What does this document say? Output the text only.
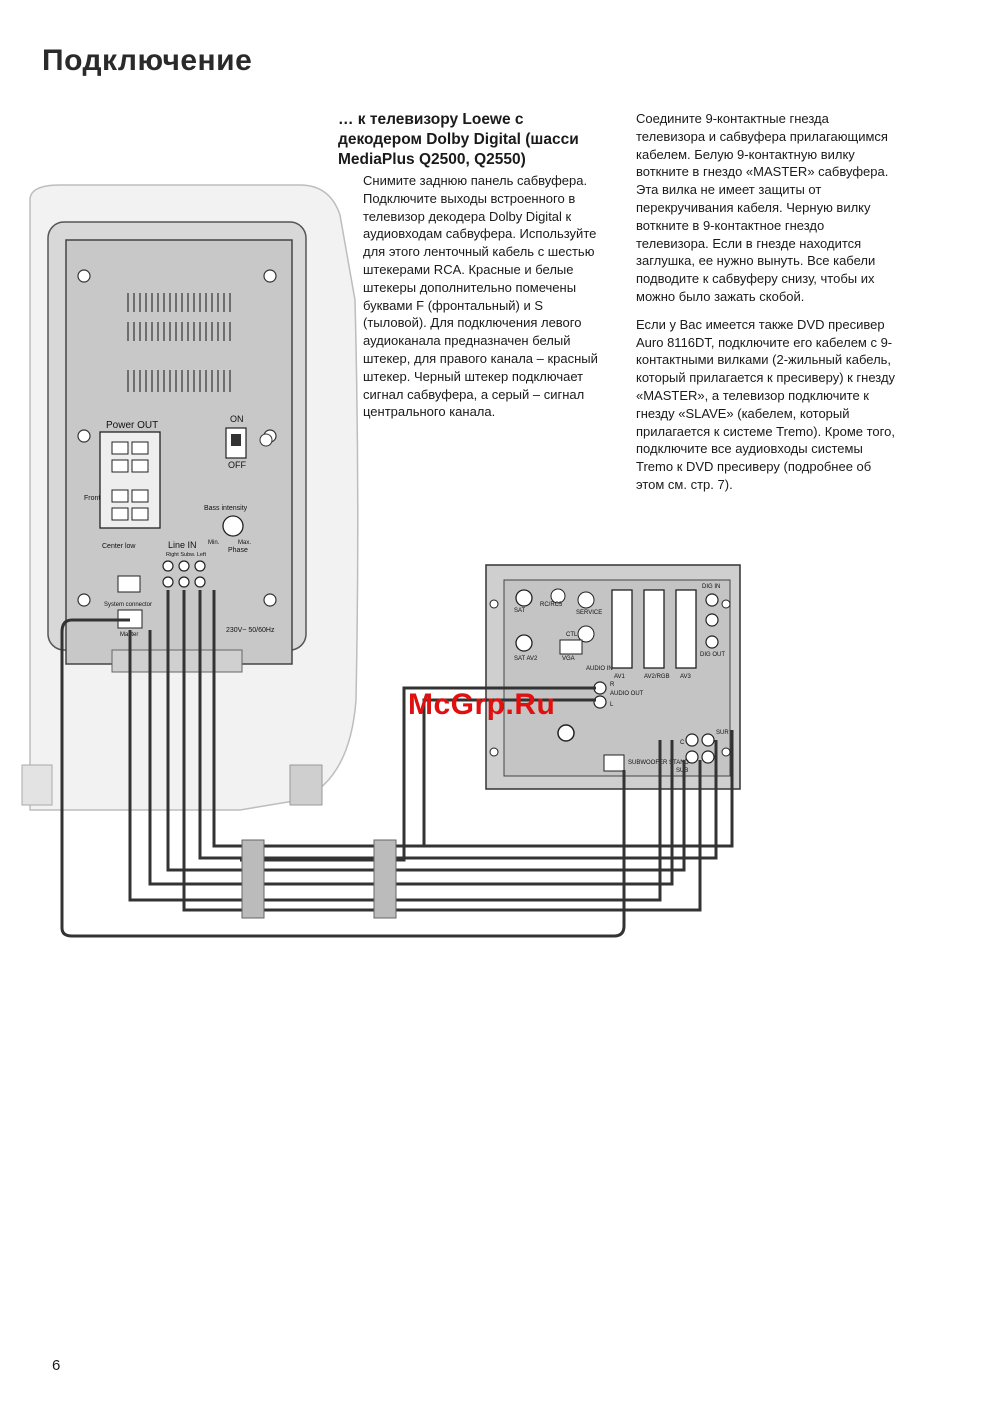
Подключение
… к телевизору Loewe с декодером Dolby Digital (шасси MediaPlus Q2500, Q2550)

Снимите заднюю панель сабвуфера. Подключите выходы встроенного в телевизор декодера Dolby Digital к аудиовходам сабвуфера. Используйте для этого ленточный кабель с шестью штекерами RCA. Красные и белые штекеры дополнительно помечены буквами F (фронтальный) и S (тыловой). Для подключения левого аудиоканала предназначен белый штекер, для правого канала – красный штекер. Черный штекер подключает сигнал сабвуфера, а серый – сигнал центрального канала.

Соедините 9-контактные гнезда телевизора и сабвуфера прилагающимся кабелем. Белую 9-контактную вилку воткните в гнездо «MASTER» сабвуфера. Эта вилка не имеет защиты от перекручивания кабеля. Черную вилку воткните в 9-контактное гнездо телевизора. Если в гнезде находится заглушка, ее нужно вынуть. Все кабели подводите к сабвуферу снизу, чтобы их можно было зажать скобой.

Если у Вас имеется также DVD пресивер Auro 8116DT, подключите его кабелем с 9-контактными вилками (2-жильный кабель, который прилагается к пресиверу) к гнезду «MASTER», а телевизор подключите к гнезду «SLAVE» (кабелем, который прилагается к системе Tremo). Кроме того, подключите все аудиовходы системы Tremo к DVD пресиверу (подробнее об этом см. стр. 7).

Power OUT
Front
ON
OFF
Bass intensity
Min.	Max.
Phase
Center low	Line IN
Right Subw. Left
System connector
Master
230V~ 50/60Hz
SAT
RC/RC5
SERVICE
DIG IN
DIG OUT
SAT AV2
CTL
VGA
AUDIO IN
AV1	AV2/RGB AV3
AUDIO OUT
R
L
SUR
SUB
C
SUBWOOFER STAND
McGrp.Ru
6
